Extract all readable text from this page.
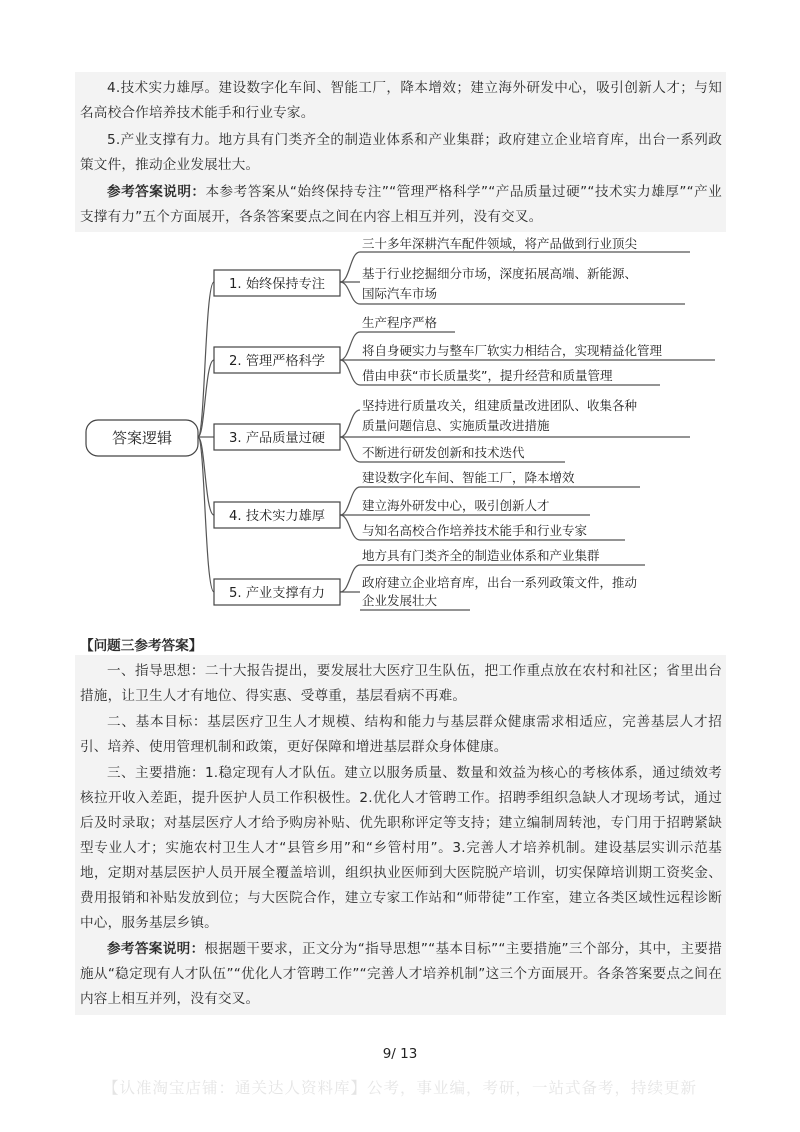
4.技术实力雄厚。建设数字化车间、智能工厂，降本增效；建立海外研发中心，吸引创新人才；与知名高校合作培养技术能手和行业专家。

5.产业支撑有力。地方具有门类齐全的制造业体系和产业集群；政府建立企业培育库，出台一系列政策文件，推动企业发展壮大。

参考答案说明：本参考答案从“始终保持专注”“管理严格科学”“产品质量过硬”“技术实力雄厚”“产业支撑有力”五个方面展开，各条答案要点之间在内容上相互并列，没有交叉。

答案逻辑
1. 始终保持专注
2. 管理严格科学
3. 产品质量过硬
4. 技术实力雄厚
5. 产业支撑有力
三十多年深耕汽车配件领域，将产品做到行业顶尖
基于行业挖掘细分市场，深度拓展高端、新能源、
国际汽车市场
生产程序严格
将自身硬实力与整车厂软实力相结合，实现精益化管理
借由申获“市长质量奖”，提升经营和质量管理
坚持进行质量攻关，组建质量改进团队、收集各种
质量问题信息、实施质量改进措施
不断进行研发创新和技术迭代
建设数字化车间、智能工厂，降本增效
建立海外研发中心，吸引创新人才
与知名高校合作培养技术能手和行业专家
地方具有门类齐全的制造业体系和产业集群
政府建立企业培育库，出台一系列政策文件，推动
企业发展壮大
【问题三参考答案】

一、指导思想：二十大报告提出，要发展壮大医疗卫生队伍，把工作重点放在农村和社区；省里出台措施，让卫生人才有地位、得实惠、受尊重，基层看病不再难。

二、基本目标：基层医疗卫生人才规模、结构和能力与基层群众健康需求相适应，完善基层人才招引、培养、使用管理机制和政策，更好保障和增进基层群众身体健康。

三、主要措施：1.稳定现有人才队伍。建立以服务质量、数量和效益为核心的考核体系，通过绩效考核拉开收入差距，提升医护人员工作积极性。2.优化人才管聘工作。招聘季组织急缺人才现场考试，通过后及时录取；对基层医疗人才给予购房补贴、优先职称评定等支持；建立编制周转池，专门用于招聘紧缺型专业人才；实施农村卫生人才“县管乡用”和“乡管村用”。3.完善人才培养机制。建设基层实训示范基地，定期对基层医护人员开展全覆盖培训，组织执业医师到大医院脱产培训，切实保障培训期工资奖金、费用报销和补贴发放到位；与大医院合作，建立专家工作站和“师带徒”工作室，建立各类区域性远程诊断中心，服务基层乡镇。

参考答案说明：根据题干要求，正文分为“指导思想”“基本目标”“主要措施”三个部分，其中，主要措施从“稳定现有人才队伍”“优化人才管聘工作”“完善人才培养机制”这三个方面展开。各条答案要点之间在内容上相互并列，没有交叉。

9/ 13
【认准淘宝店铺：通关达人资料库】公考，事业编，考研，一站式备考，持续更新
